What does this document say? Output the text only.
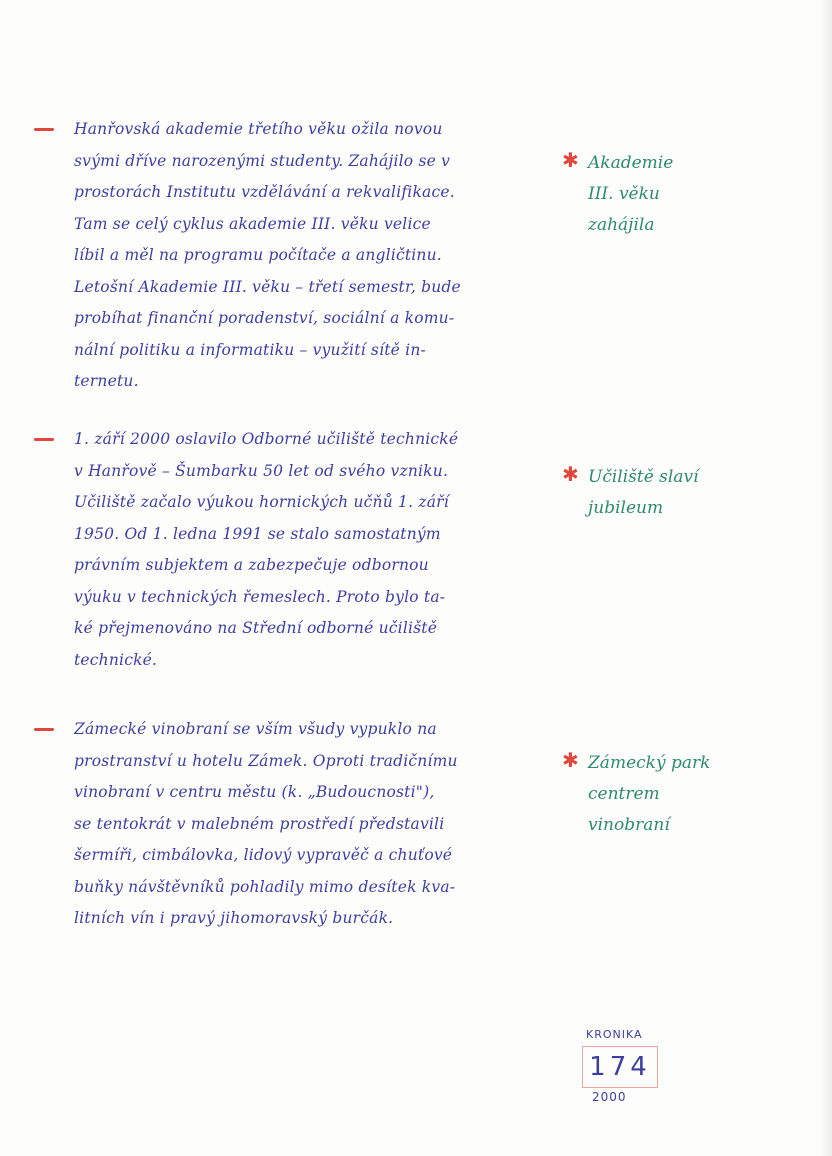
Hanřovská akademie třetího věku ožila novou
svými dříve narozenými studenty. Zahájilo se v
prostorách Institutu vzdělávání a rekvalifikace.
Tam se celý cyklus akademie III. věku velice
líbil a měl na programu počítače a angličtinu.
Letošní Akademie III. věku – třetí semestr, bude
probíhat finanční poradenství, sociální a komu-
nální politiku a informatiku – využití sítě in-
ternetu.
✱ Akademie
III. věku
zahájila
1. září 2000 oslavilo Odborné učiliště technické
v Hanřově – Šumbarku 50 let od svého vzniku.
Učiliště začalo výukou hornických učňů 1. září
1950. Od 1. ledna 1991 se stalo samostatným
právním subjektem a zabezpečuje odbornou
výuku v technických řemeslech. Proto bylo ta-
ké přejmenováno na Střední odborné učiliště
technické.
✱ Učiliště slaví
jubileum
Zámecké vinobraní se vším všudy vypuklo na
prostranství u hotelu Zámek. Oproti tradičnímu
vinobraní v centru městu (k. „Budoucnosti"),
se tentokrát v malebném prostředí představili
šermíři, cimbálovka, lidový vypravěč a chuťové
buňky návštěvníků pohladily mimo desítek kva-
litních vín i pravý jihomoravský burčák.
✱ Zámecký park
centrem
vinobraní
KRONIKA
174
2000
